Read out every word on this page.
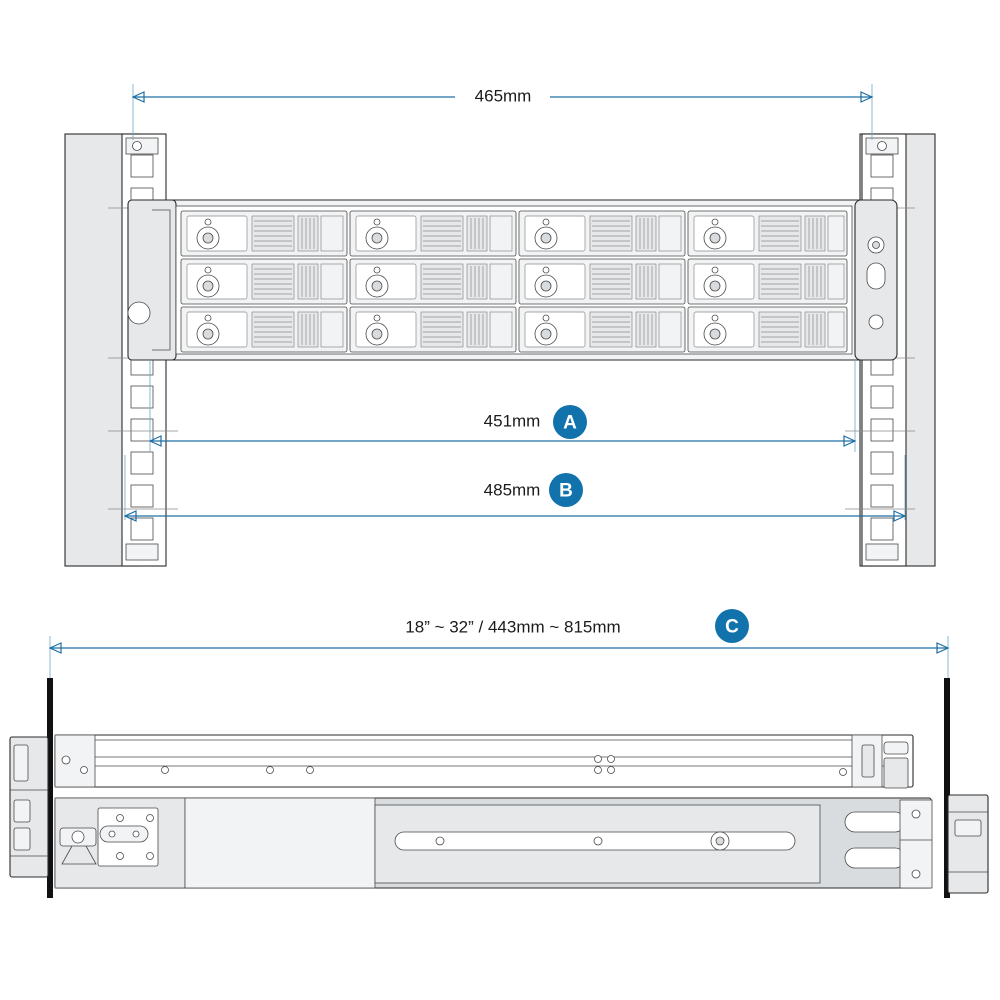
465mm
451mm A
485mm B
18” ~ 32” / 443mm ~ 815mm	C
